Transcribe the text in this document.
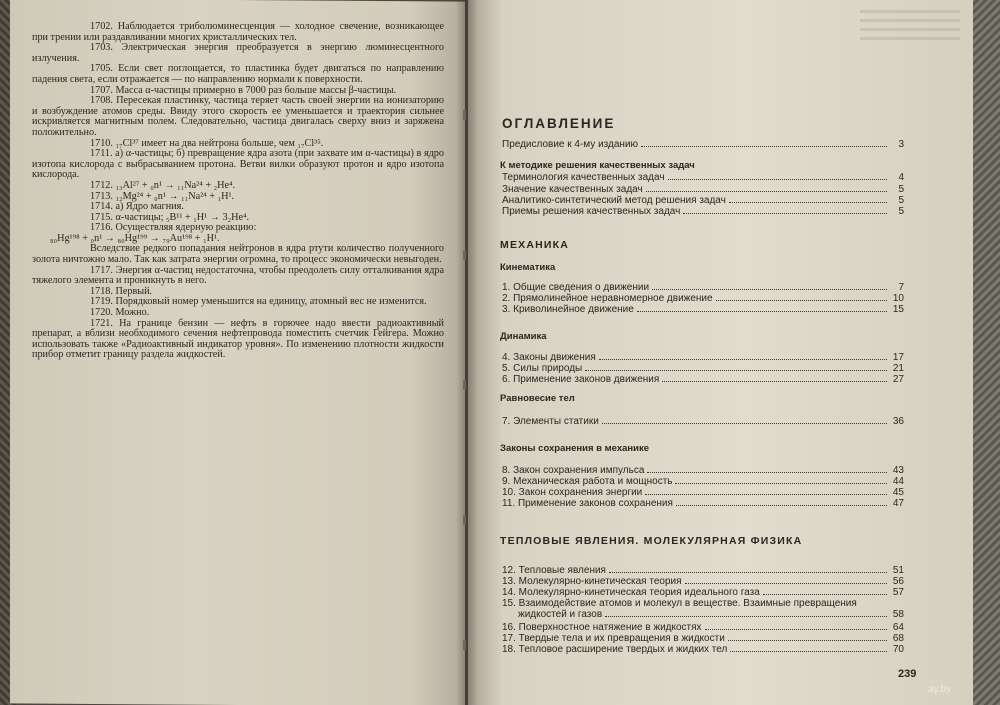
1702. Наблюдается триболюминесценция — холодное свечение, возникающее при трении или раздавливании многих кристаллических тел.

1703. Электрическая энергия преобразуется в энергию люминесцентного излучения.

1705. Если свет поглощается, то пластинка будет двигаться по направлению падения света, если отражается — по направлению нормали к поверхности.

1707. Масса α-частицы примерно в 7000 раз больше массы β-частицы.

1708. Пересекая пластинку, частица теряет часть своей энергии на ионизаторию и возбуждение атомов среды. Ввиду этого скорость ее уменьшается и траектория сильнее искривляется магнитным полем. Следовательно, частица двигалась сверху вниз и заряжена положительно.

1710. ₁₇Cl³⁷ имеет на два нейтрона больше, чем ₁₇Cl³⁵.

1711. а) α-частицы; б) превращение ядра азота (при захвате им α-частицы) в ядро изотопа кислорода с выбрасыванием протона. Ветви вилки образуют протон и ядро изотопа кислорода.

1712. ₁₃Al²⁷ + ₀n¹ → ₁₁Na²⁴ + ₂He⁴.

1713. ₁₂Mg²⁴ + ₀n¹ → ₁₁Na²⁴ + ₁H¹.

1714. а) Ядро магния.

1715. α-частицы; ₅B¹¹ + ₁H¹ → 3₂He⁴.

1716. Осуществляя ядерную реакцию:

₈₀Hg¹⁹⁸ + ₀n¹ → ₈₀Hg¹⁹⁹ → ₇₉Au¹⁹⁸ + ₁H¹.

Вследствие редкого попадания нейтронов в ядра ртути количество полученного золота ничтожно мало. Так как затрата энергии огромна, то процесс экономически невыгоден.

1717. Энергия α-частиц недостаточна, чтобы преодолеть силу отталкивания ядра тяжелого элемента и проникнуть в него.

1718. Первый.

1719. Порядковый номер уменьшится на единицу, атомный вес не изменится.

1720. Можно.

1721. На границе бензин — нефть в горючее надо ввести радиоактивный препарат, а вблизи необходимого сечения нефтепровода поместить счетчик Гейгера. Можно использовать также «Радиоактивный индикатор уровня». По изменению плотности жидкости прибор отметит границу раздела жидкостей.

ОГЛАВЛЕНИЕ
Предисловие к 4-му изданию	3
К методике решения качественных задач
Терминология качественных задач	4
Значение качественных задач	5
Аналитико-синтетический метод решения задач	5
Приемы решения качественных задач	5
МЕХАНИКА
Кинематика
1. Общие сведения о движении	7
2. Прямолинейное неравномерное движение	10
3. Криволинейное движение	15
Динамика
4. Законы движения	17
5. Силы природы	21
6. Применение законов движения	27
Равновесие тел
7. Элементы статики	36
Законы сохранения в механике
8. Закон сохранения импульса	43
9. Механическая работа и мощность	44
10. Закон сохранения энергии	45
11. Применение законов сохранения	47
ТЕПЛОВЫЕ ЯВЛЕНИЯ. МОЛЕКУЛЯРНАЯ ФИЗИКА
12. Тепловые явления	51
13. Молекулярно-кинетическая теория	56
14. Молекулярно-кинетическая теория идеального газа	57
15. Взаимодействие атомов и молекул в веществе. Взаимные превращения
жидкостей и газов	58
16. Поверхностное натяжение в жидкостях	64
17. Твердые тела и их превращения в жидкости	68
18. Тепловое расширение твердых и жидких тел	70
239
ay.by
